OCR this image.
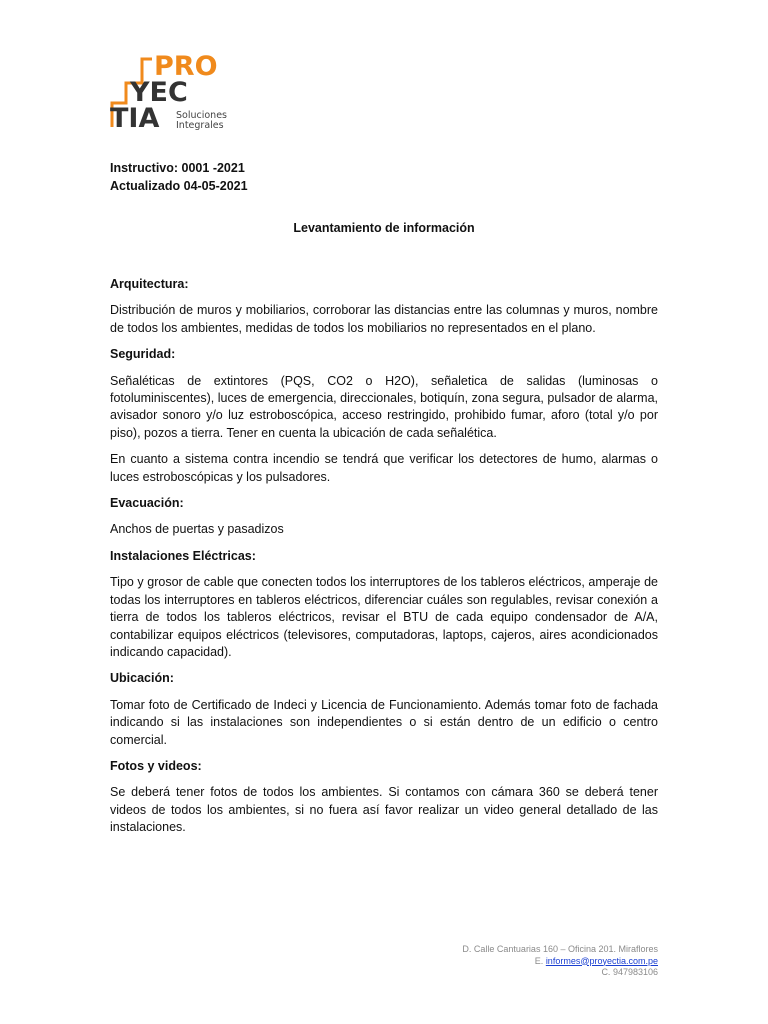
PRO
YEC
TIA Soluciones
Integrales
Instructivo: 0001 -2021
Actualizado 04-05-2021
Levantamiento de información
Arquitectura:
Distribución de muros y mobiliarios, corroborar las distancias entre las columnas y muros, nombre de todos los ambientes, medidas de todos los mobiliarios no representados en el plano.
Seguridad:
Señaléticas de extintores (PQS, CO2 o H2O), señaletica de salidas (luminosas o fotoluminiscentes), luces de emergencia, direccionales, botiquín, zona segura, pulsador de alarma, avisador sonoro y/o luz estroboscópica, acceso restringido, prohibido fumar, aforo (total y/o por piso), pozos a tierra. Tener en cuenta la ubicación de cada señalética.
En cuanto a sistema contra incendio se tendrá que verificar los detectores de humo, alarmas o luces estroboscópicas y los pulsadores.
Evacuación:
Anchos de puertas y pasadizos
Instalaciones Eléctricas:
Tipo y grosor de cable que conecten todos los interruptores de los tableros eléctricos, amperaje de todas los interruptores en tableros eléctricos, diferenciar cuáles son regulables, revisar conexión a tierra de todos los tableros eléctricos, revisar el BTU de cada equipo condensador de A/A, contabilizar equipos eléctricos (televisores, computadoras, laptops, cajeros, aires acondicionados indicando capacidad).
Ubicación:
Tomar foto de Certificado de Indeci y Licencia de Funcionamiento. Además tomar foto de fachada indicando si las instalaciones son independientes o si están dentro de un edificio o centro comercial.
Fotos y videos:
Se deberá tener fotos de todos los ambientes. Si contamos con cámara 360 se deberá tener videos de todos los ambientes, si no fuera así favor realizar un video general detallado de las instalaciones.
D. Calle Cantuarias 160 – Oficina 201. Miraflores
E. informes@proyectia.com.pe
C. 947983106
